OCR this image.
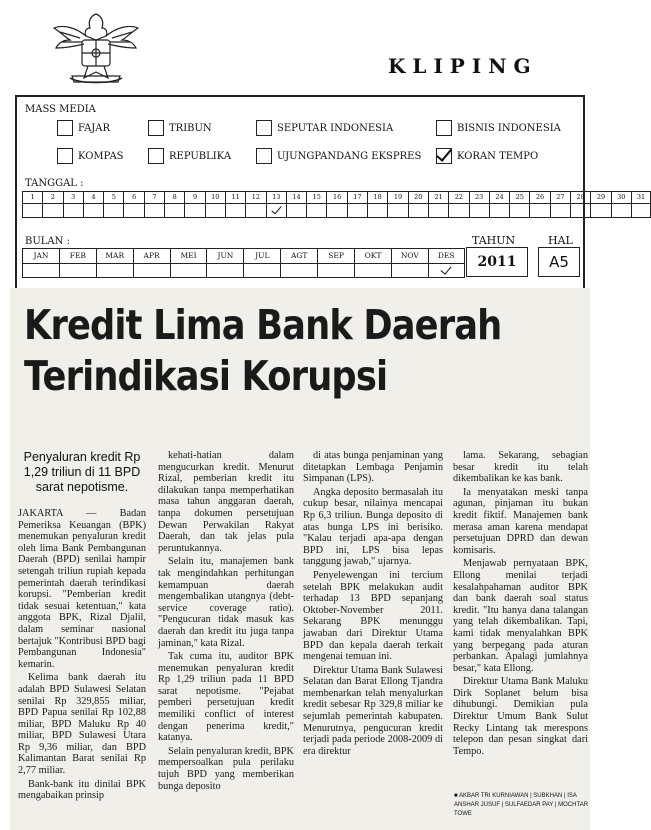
KLIPING
MASS MEDIA
FAJAR	TRIBUN	SEPUTAR INDONESIA	BISNIS INDONESIA
KOMPAS	REPUBLIKA	UJUNGPANDANG EKSPRES	KORAN TEMPO
TANGGAL :
1	2	3	4	5	6	7	8	9	10	11	12	13	14	15	16	17	18	19	20	21	22	23	24	25	26	27	28	29	30	31
BULAN :
JAN	FEB	MAR	APR	MEI	JUN	JUL	AGT	SEP	OKT	NOV	DES
TAHUN
2011
HAL
A5
Kredit Lima Bank Daerah Terindikasi Korupsi
Penyaluran kredit Rp 1,29 triliun di 11 BPD sarat nepotisme.

JAKARTA — Badan Pemeriksa Keuangan (BPK) menemukan penyaluran kredit oleh lima Bank Pembangunan Daerah (BPD) senilai hampir setengah triliun rupiah kepada pemerintah daerah terindikasi korupsi. "Pemberian kredit tidak sesuai ketentuan," kata anggota BPK, Rizal Djalil, dalam seminar nasional bertajuk "Kontribusi BPD bagi Pembangunan Indonesia" kemarin.

Kelima bank daerah itu adalah BPD Sulawesi Selatan senilai Rp 329,855 miliar, BPD Papua senilai Rp 102,88 miliar, BPD Maluku Rp 40 miliar, BPD Sulawesi Utara Rp 9,36 miliar, dan BPD Kalimantan Barat senilai Rp 2,77 miliar.

Bank-bank itu dinilai BPK mengabaikan prinsip

kehati-hatian dalam mengucurkan kredit. Menurut Rizal, pemberian kredit itu dilakukan tanpa memperhatikan masa tahun anggaran daerah, tanpa dokumen persetujuan Dewan Perwakilan Rakyat Daerah, dan tak jelas pula peruntukannya.

Selain itu, manajemen bank tak mengindahkan perhitungan kemampuan daerah mengembalikan utangnya (debt-service coverage ratio). "Pengucuran tidak masuk kas daerah dan kredit itu juga tanpa jaminan," kata Rizal.

Tak cuma itu, auditor BPK menemukan penyaluran kredit Rp 1,29 triliun pada 11 BPD sarat nepotisme. "Pejabat pemberi persetujuan kredit memiliki conflict of interest dengan penerima kredit," katanya.

Selain penyaluran kredit, BPK mempersoalkan pula perilaku tujuh BPD yang memberikan bunga deposito

di atas bunga penjaminan yang ditetapkan Lembaga Penjamin Simpanan (LPS).

Angka deposito bermasalah itu cukup besar, nilainya mencapai Rp 6,3 triliun. Bunga deposito di atas bunga LPS ini berisiko. "Kalau terjadi apa-apa dengan BPD ini, LPS bisa lepas tanggung jawab," ujarnya.

Penyelewengan ini tercium setelah BPK melakukan audit terhadap 13 BPD sepanjang Oktober-November 2011. Sekarang BPK menunggu jawaban dari Direktur Utama BPD dan kepala daerah terkait mengenai temuan ini.

Direktur Utama Bank Sulawesi Selatan dan Barat Ellong Tjandra membenarkan telah menyalurkan kredit sebesar Rp 329,8 miliar ke sejumlah pemerintah kabupaten. Menurutnya, pengucuran kredit terjadi pada periode 2008-2009 di era direktur

lama. Sekarang, sebagian besar kredit itu telah dikembalikan ke kas bank.

Ia menyatakan meski tanpa agunan, pinjaman itu bukan kredit fiktif. Manajemen bank merasa aman karena mendapat persetujuan DPRD dan dewan komisaris.

Menjawab pernyataan BPK, Ellong menilai terjadi kesalahpahaman auditor BPK dan bank daerah soal status kredit. "Itu hanya dana talangan yang telah dikembalikan. Tapi, kami tidak menyalahkan BPK yang berpegang pada aturan perbankan. Apalagi jumlahnya besar," kata Ellong.

Direktur Utama Bank Maluku Dirk Soplanet belum bisa dihubungi. Demikian pula Direktur Umum Bank Sulut Recky Lintang tak merespons telepon dan pesan singkat dari Tempo.

■ AKBAR TRI KURNIAWAN | SUBKHAN | ISA ANSHAR JUSUF | SULFAEDAR PAY | MOCHTAR TOWE
